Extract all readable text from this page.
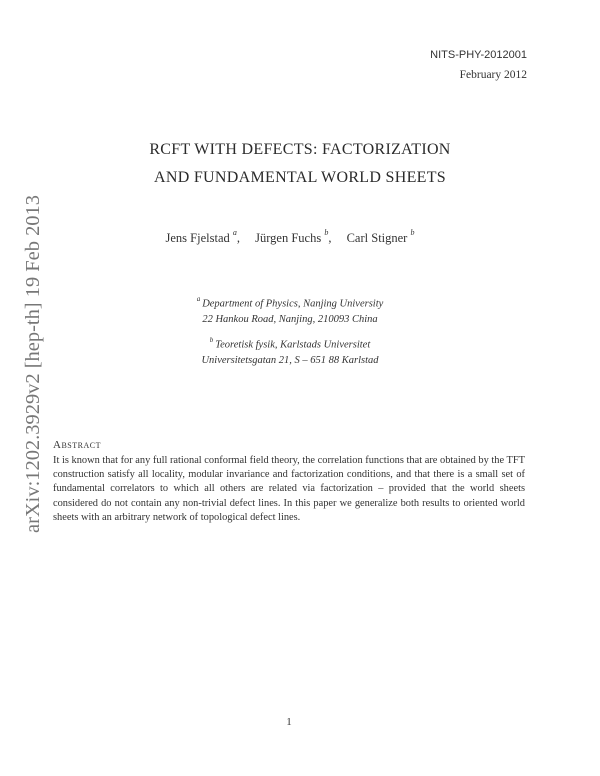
NITS-PHY-2012001
February 2012
RCFT WITH DEFECTS: FACTORIZATION
AND FUNDAMENTAL WORLD SHEETS
Jens Fjelstad $^a$, Jürgen Fuchs $^b$, Carl Stigner $^b$
$^a$ Department of Physics, Nanjing University
22 Hankou Road, Nanjing, 210093 China
$^b$ Teoretisk fysik, Karlstads Universitet
Universitetsgatan 21, S – 651 88 Karlstad
arXiv:1202.3929v2 [hep-th] 19 Feb 2013 Abstract
It is known that for any full rational conformal field theory, the correlation functions that are obtained by the TFT construction satisfy all locality, modular invariance and factorization conditions, and that there is a small set of fundamental correlators to which all others are related via factorization – provided that the world sheets considered do not contain any non-trivial defect lines. In this paper we generalize both results to oriented world sheets with an arbitrary network of topological defect lines.
1
